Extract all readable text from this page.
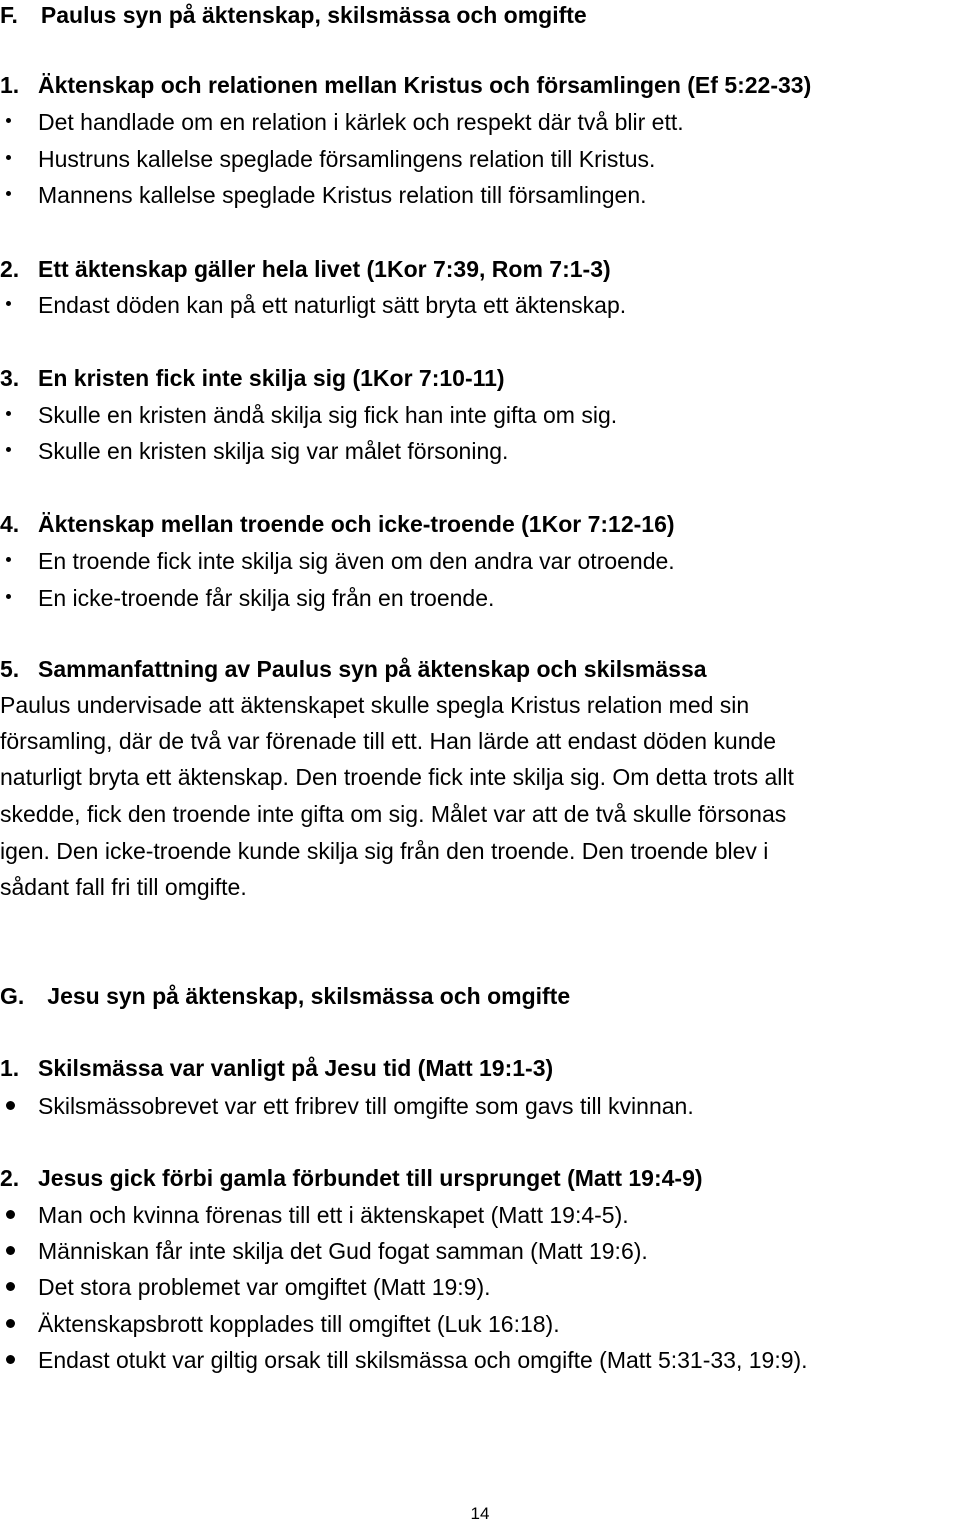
F. Paulus syn på äktenskap, skilsmässa och omgifte
1. Äktenskap och relationen mellan Kristus och församlingen (Ef 5:22-33)
Det handlade om en relation i kärlek och respekt där två blir ett.
Hustruns kallelse speglade församlingens relation till Kristus.
Mannens kallelse speglade Kristus relation till församlingen.
2. Ett äktenskap gäller hela livet (1Kor 7:39, Rom 7:1-3)
Endast döden kan på ett naturligt sätt bryta ett äktenskap.
3. En kristen fick inte skilja sig (1Kor 7:10-11)
Skulle en kristen ändå skilja sig fick han inte gifta om sig.
Skulle en kristen skilja sig var målet försoning.
4. Äktenskap mellan troende och icke-troende (1Kor 7:12-16)
En troende fick inte skilja sig även om den andra var otroende.
En icke-troende får skilja sig från en troende.
5. Sammanfattning av Paulus syn på äktenskap och skilsmässa
Paulus undervisade att äktenskapet skulle spegla Kristus relation med sin
församling, där de två var förenade till ett. Han lärde att endast döden kunde
naturligt bryta ett äktenskap. Den troende fick inte skilja sig. Om detta trots allt
skedde, fick den troende inte gifta om sig. Målet var att de två skulle försonas
igen. Den icke-troende kunde skilja sig från den troende. Den troende blev i
sådant fall fri till omgifte.
G. Jesu syn på äktenskap, skilsmässa och omgifte
1. Skilsmässa var vanligt på Jesu tid (Matt 19:1-3)
Skilsmässobrevet var ett fribrev till omgifte som gavs till kvinnan.
2. Jesus gick förbi gamla förbundet till ursprunget (Matt 19:4-9)
Man och kvinna förenas till ett i äktenskapet (Matt 19:4-5).
Människan får inte skilja det Gud fogat samman (Matt 19:6).
Det stora problemet var omgiftet (Matt 19:9).
Äktenskapsbrott kopplades till omgiftet (Luk 16:18).
Endast otukt var giltig orsak till skilsmässa och omgifte (Matt 5:31-33, 19:9).
14
